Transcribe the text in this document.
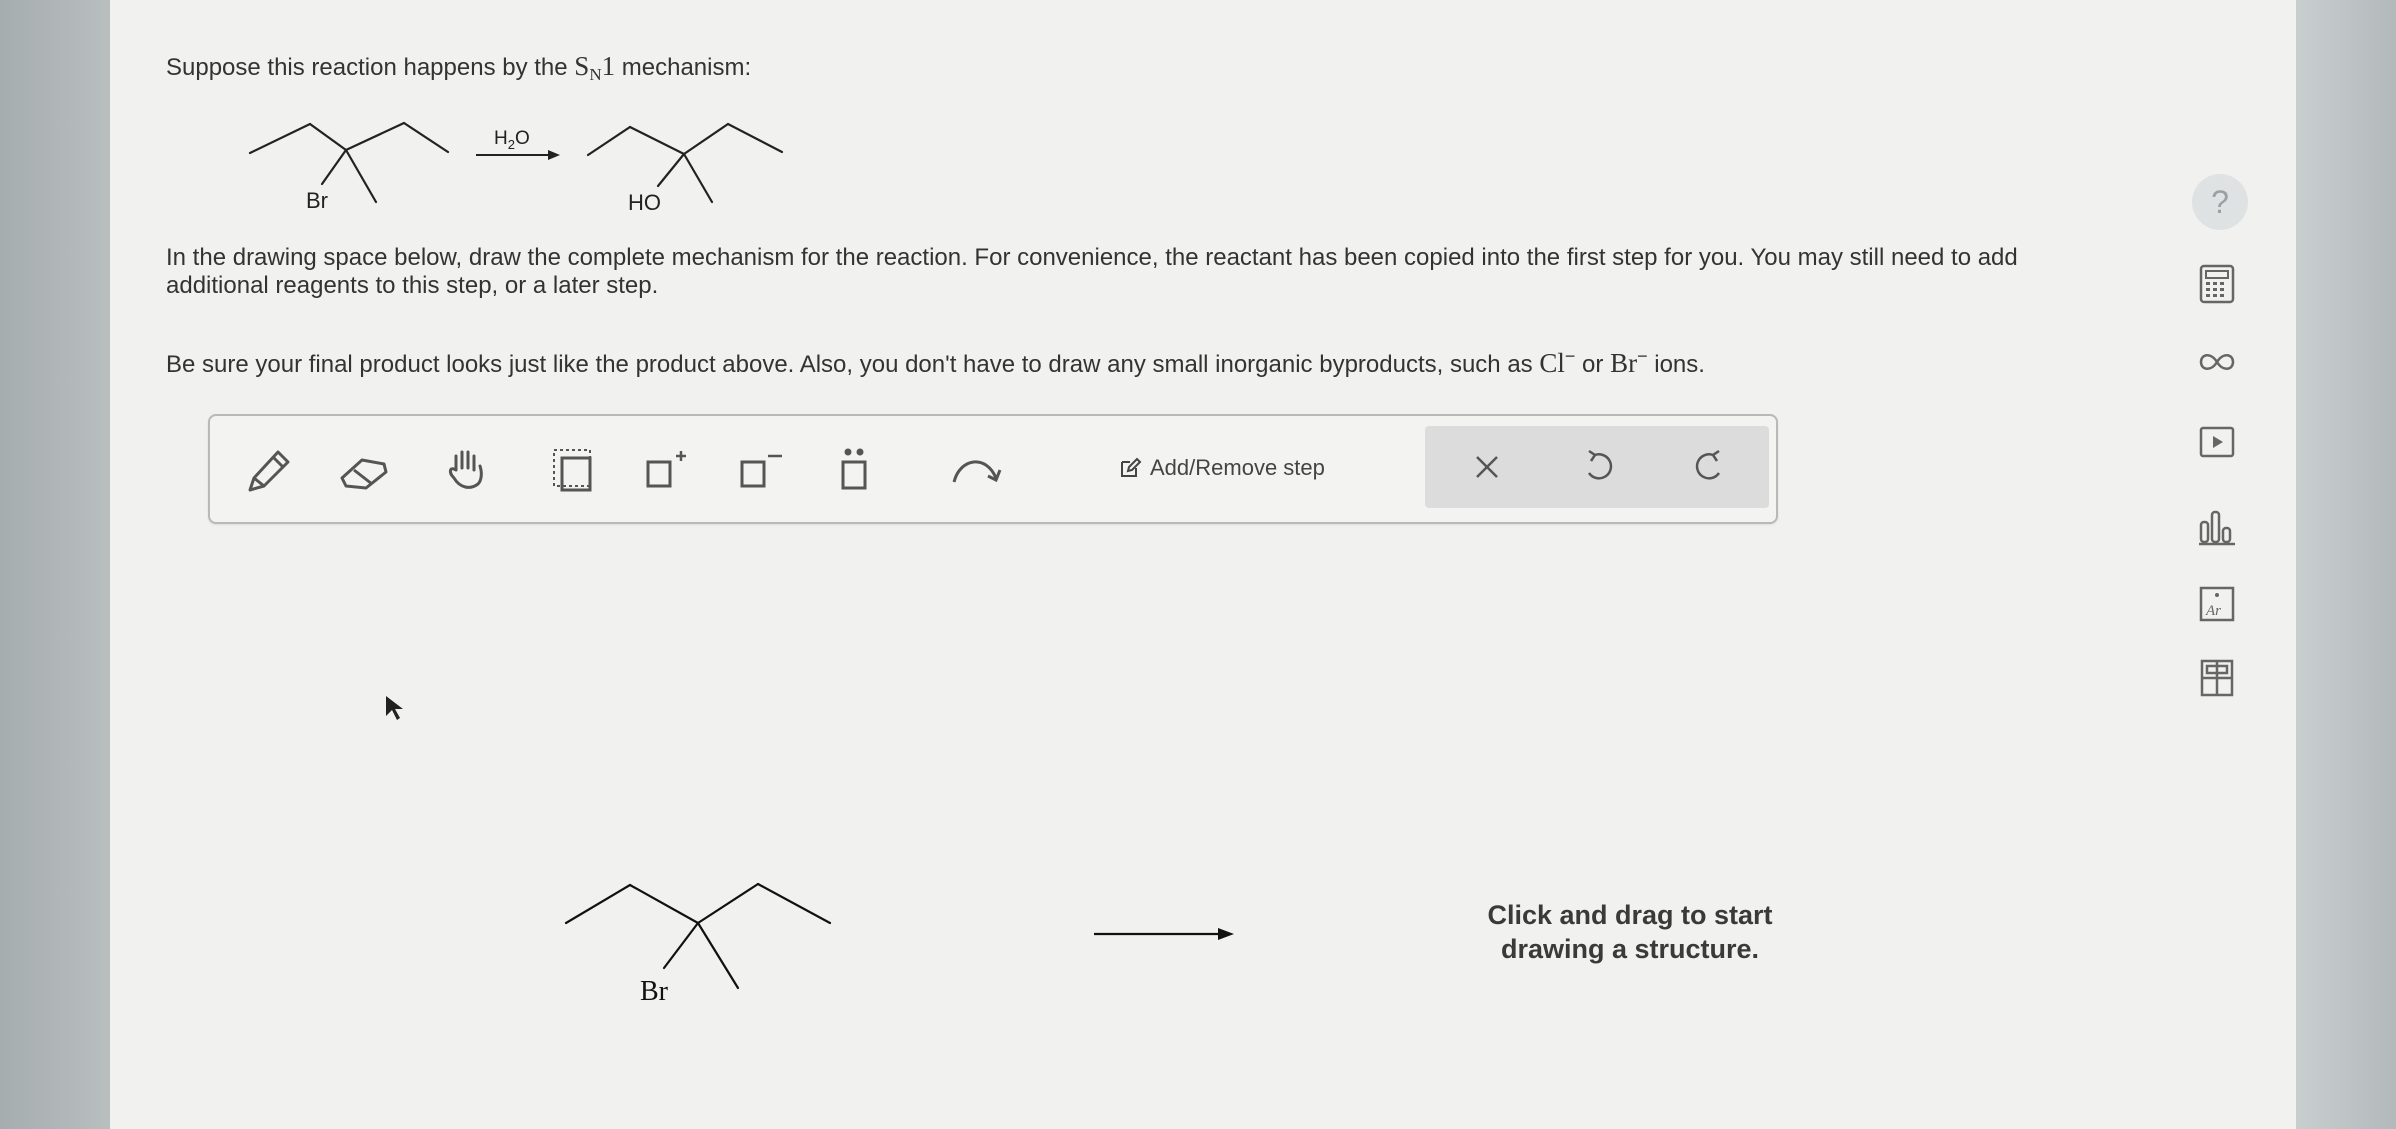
Suppose this reaction happens by the $S_N1$ mechanism:
Br
$H_2O$
HO
In the drawing space below, draw the complete mechanism for the reaction. For convenience, the reactant has been copied into the first step for you. You may still need to add additional reagents to this step, or a later step.
Be sure your final product looks just like the product above. Also, you don't have to draw any small inorganic byproducts, such as Cl− or Br− ions.
Add/Remove step
Br
Click and drag to start
drawing a structure.
?
Ar
